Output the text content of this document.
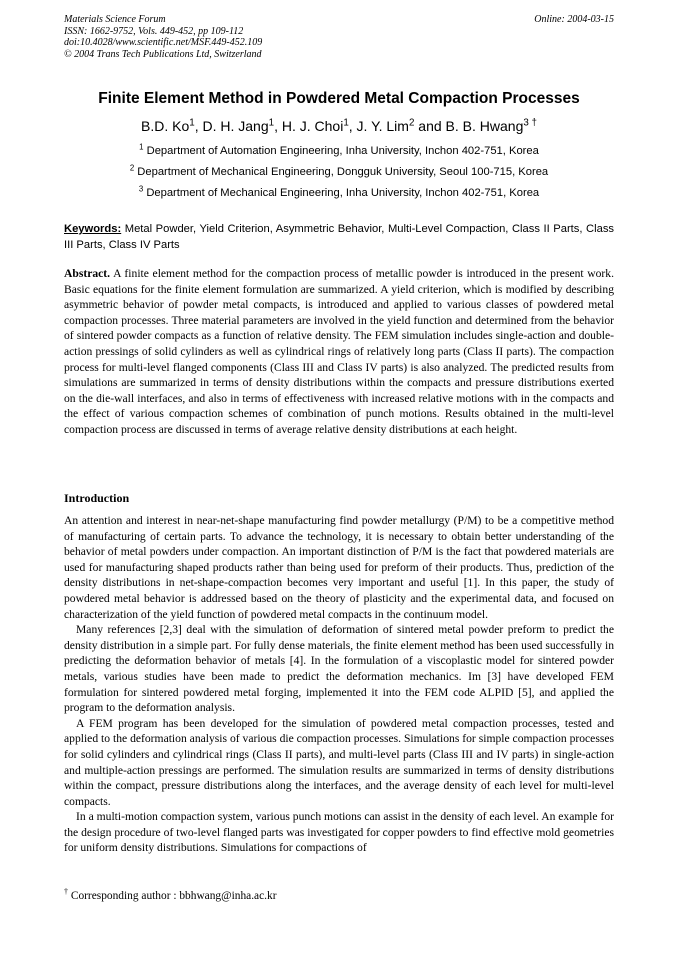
Materials Science Forum
ISSN: 1662-9752, Vols. 449-452, pp 109-112
doi:10.4028/www.scientific.net/MSF.449-452.109
© 2004 Trans Tech Publications Ltd, Switzerland
Online: 2004-03-15
Finite Element Method in Powdered Metal Compaction Processes
B.D. Ko$^1$, D. H. Jang$^1$, H. J. Choi$^1$, J. Y. Lim$^2$ and B. B. Hwang$^{3 \dagger}$
$^1$ Department of Automation Engineering, Inha University, Inchon 402-751, Korea
$^2$ Department of Mechanical Engineering, Dongguk University, Seoul 100-715, Korea
$^3$ Department of Mechanical Engineering, Inha University, Inchon 402-751, Korea
Keywords: Metal Powder, Yield Criterion, Asymmetric Behavior, Multi-Level Compaction, Class II Parts, Class III Parts, Class IV Parts
Abstract. A finite element method for the compaction process of metallic powder is introduced in the present work. Basic equations for the finite element formulation are summarized. A yield criterion, which is modified by describing asymmetric behavior of powder metal compacts, is introduced and applied to various classes of powdered metal compaction processes. Three material parameters are involved in the yield function and determined from the behavior of sintered powder compacts as a function of relative density. The FEM simulation includes single-action and double-action pressings of solid cylinders as well as cylindrical rings of relatively long parts (Class II parts). The compaction process for multi-level flanged components (Class III and Class IV parts) is also analyzed. The predicted results from simulations are summarized in terms of density distributions within the compacts and pressure distributions exerted on the die-wall interfaces, and also in terms of effectiveness with increased relative motions with in the compacts and the effect of various compaction schemes of combination of punch motions. Results obtained in the multi-level compaction process are discussed in terms of average relative density distributions at each height.
Introduction

An attention and interest in near-net-shape manufacturing find powder metallurgy (P/M) to be a competitive method of manufacturing of certain parts. To advance the technology, it is necessary to obtain better understanding of the behavior of metal powders under compaction. An important distinction of P/M is the fact that powdered materials are used for manufacturing shaped products rather than being used for preform of their products. Thus, prediction of the density distributions in net-shape-compaction becomes very important and useful [1]. In this paper, the study of powdered metal behavior is addressed based on the theory of plasticity and the experimental data, and focused on characterization of the yield function of powdered metal compacts in the continuum model.

Many references [2,3] deal with the simulation of deformation of sintered metal powder preform to predict the density distribution in a simple part. For fully dense materials, the finite element method has been used successfully in predicting the deformation behavior of metals [4]. In the formulation of a viscoplastic model for sintered powder metals, various studies have been made to predict the deformation mechanics. Im [3] have developed FEM formulation for sintered powdered metal forging, implemented it into the FEM code ALPID [5], and applied the program to the deformation analysis.

A FEM program has been developed for the simulation of powdered metal compaction processes, tested and applied to the deformation analysis of various die compaction processes. Simulations for simple compaction processes for solid cylinders and cylindrical rings (Class II parts), and multi-level parts (Class III and IV parts) in single-action and multiple-action pressings are performed. The simulation results are summarized in terms of density distributions within the compact, pressure distributions along the interfaces, and the average density of each level for multi-level compacts.

In a multi-motion compaction system, various punch motions can assist in the density of each level. An example for the design procedure of two-level flanged parts was investigated for copper powders to find effective mold geometries for uniform density distributions. Simulations for compactions of

† Corresponding author : bbhwang@inha.ac.kr
